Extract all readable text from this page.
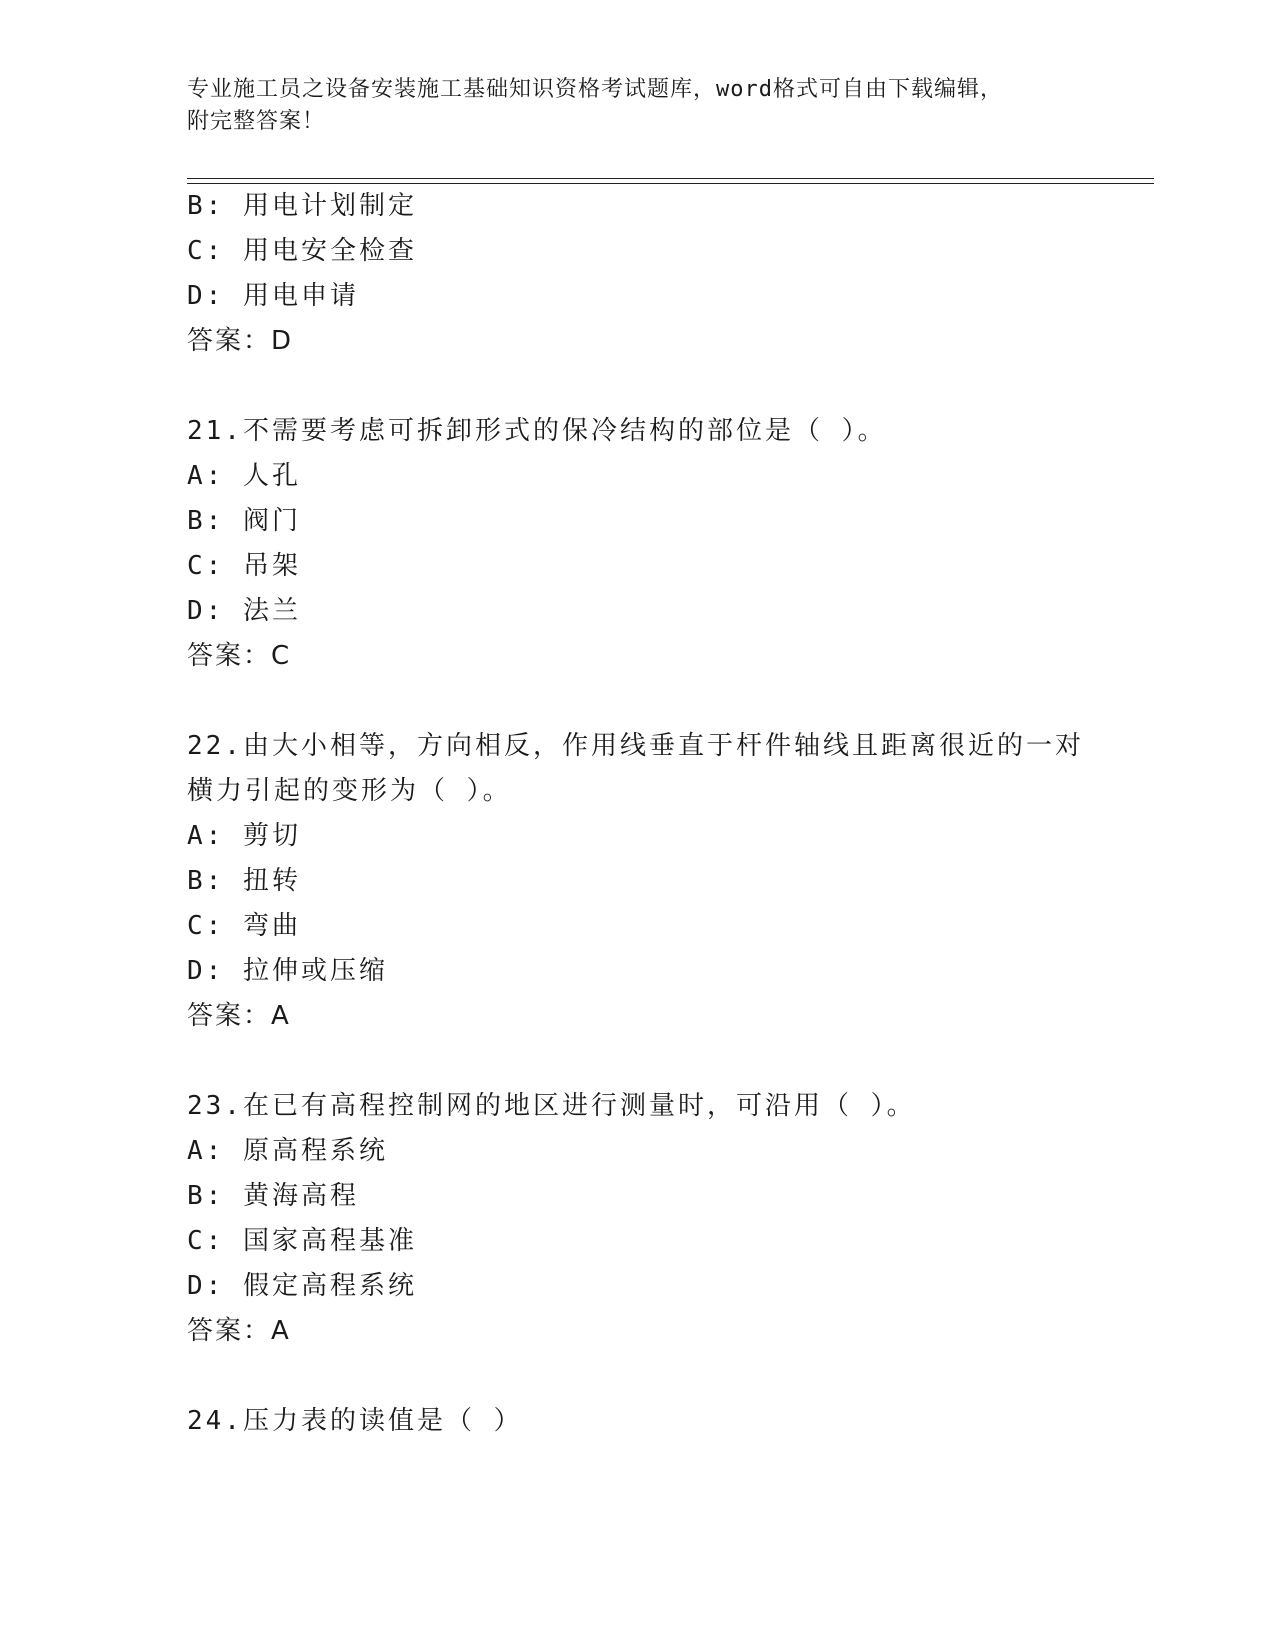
专业施工员之设备安装施工基础知识资格考试题库，word格式可自由下载编辑，
附完整答案！
B: 用电计划制定
C: 用电安全检查
D: 用电申请
答案：D
21.不需要考虑可拆卸形式的保冷结构的部位是（ ）。
A: 人孔
B: 阀门
C: 吊架
D: 法兰
答案：C
22.由大小相等，方向相反，作用线垂直于杆件轴线且距离很近的一对
横力引起的变形为（ ）。
A: 剪切
B: 扭转
C: 弯曲
D: 拉伸或压缩
答案：A
23.在已有高程控制网的地区进行测量时，可沿用（ ）。
A: 原高程系统
B: 黄海高程
C: 国家高程基准
D: 假定高程系统
答案：A
24.压力表的读值是（ ）
